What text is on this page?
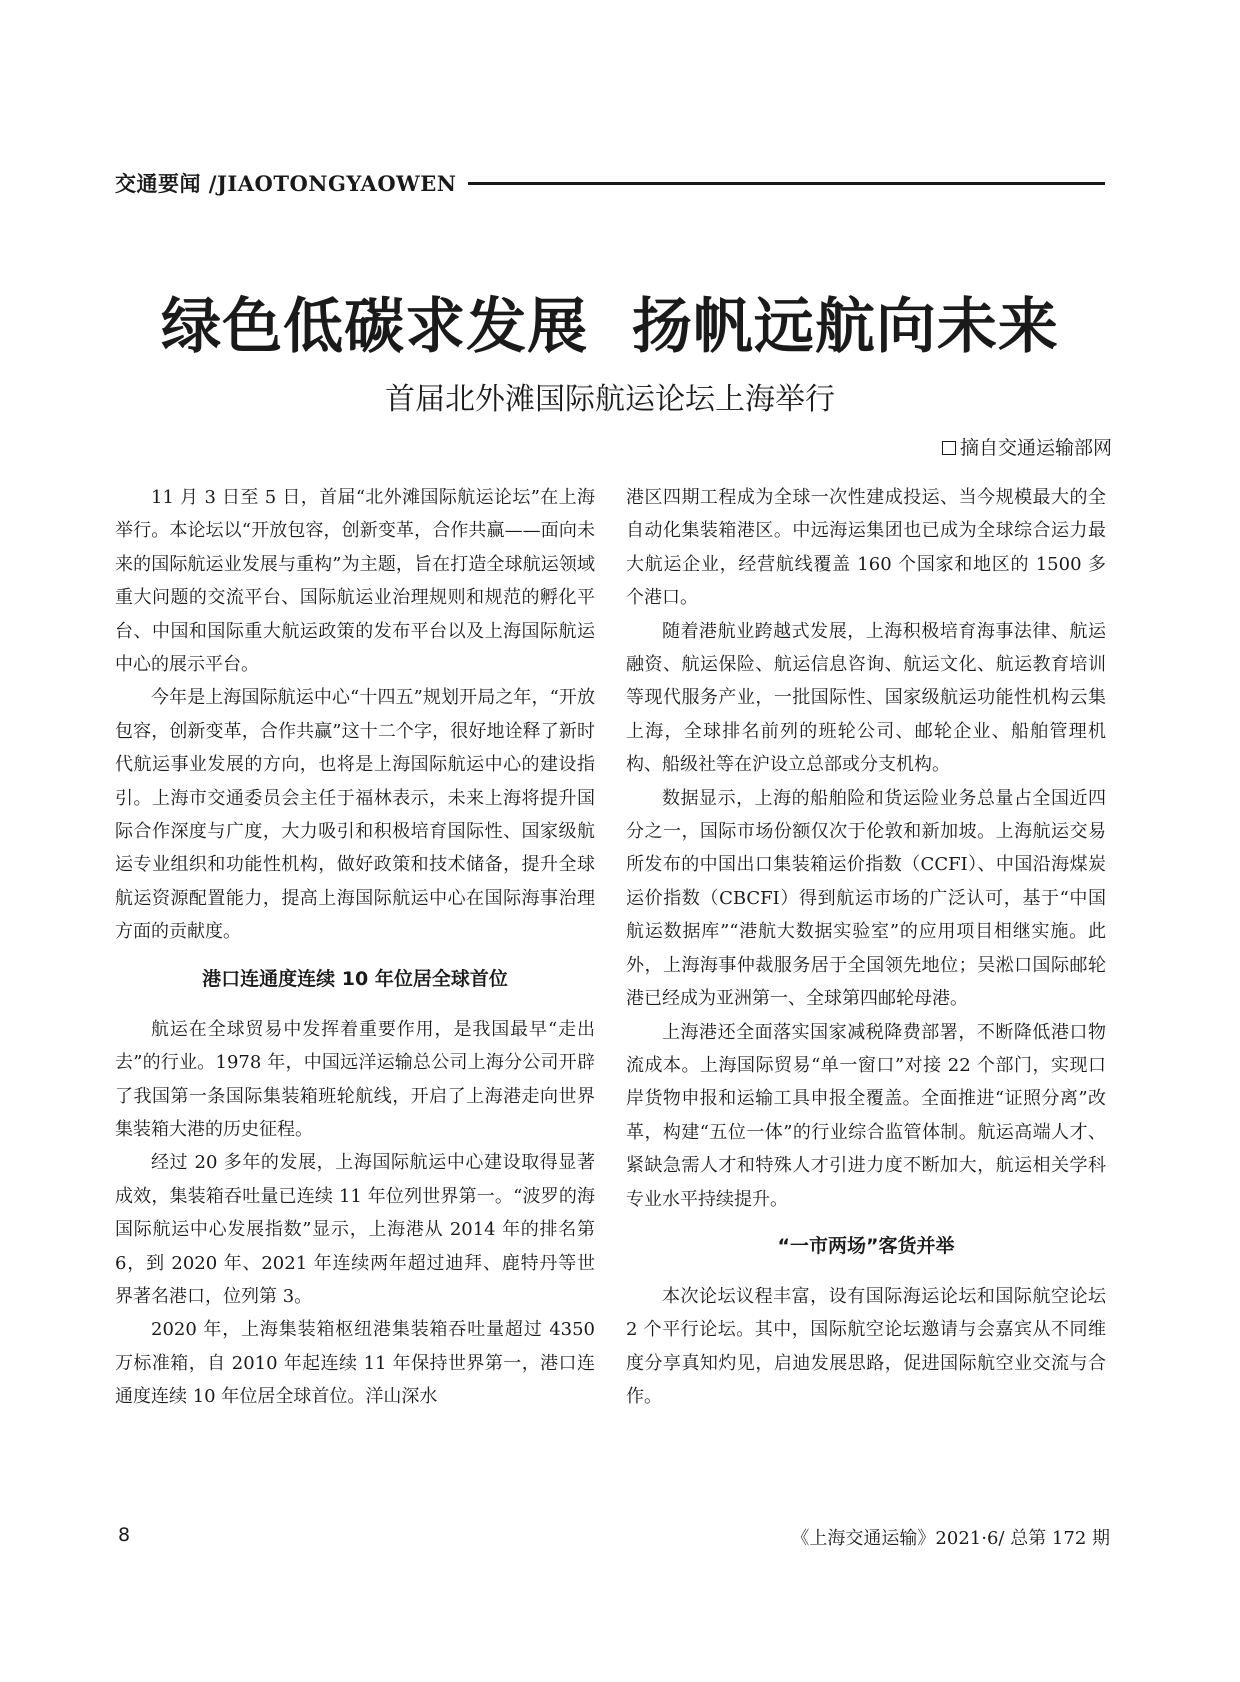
交通要闻 /JIAOTONGYAOWEN
绿色低碳求发展  扬帆远航向未来
首届北外滩国际航运论坛上海举行
摘自交通运输部网

11 月 3 日至 5 日，首届“北外滩国际航运论坛”在上海举行。本论坛以“开放包容，创新变革，合作共赢——面向未来的国际航运业发展与重构”为主题，旨在打造全球航运领域重大问题的交流平台、国际航运业治理规则和规范的孵化平台、中国和国际重大航运政策的发布平台以及上海国际航运中心的展示平台。

今年是上海国际航运中心“十四五”规划开局之年，“开放包容，创新变革，合作共赢”这十二个字，很好地诠释了新时代航运事业发展的方向，也将是上海国际航运中心的建设指引。上海市交通委员会主任于福林表示，未来上海将提升国际合作深度与广度，大力吸引和积极培育国际性、国家级航运专业组织和功能性机构，做好政策和技术储备，提升全球航运资源配置能力，提高上海国际航运中心在国际海事治理方面的贡献度。

港口连通度连续 10 年位居全球首位

航运在全球贸易中发挥着重要作用，是我国最早“走出去”的行业。1978 年，中国远洋运输总公司上海分公司开辟了我国第一条国际集装箱班轮航线，开启了上海港走向世界集装箱大港的历史征程。

经过 20 多年的发展，上海国际航运中心建设取得显著成效，集装箱吞吐量已连续 11 年位列世界第一。“波罗的海国际航运中心发展指数”显示，上海港从 2014 年的排名第 6，到 2020 年、2021 年连续两年超过迪拜、鹿特丹等世界著名港口，位列第 3。

2020 年，上海集装箱枢纽港集装箱吞吐量超过 4350 万标准箱，自 2010 年起连续 11 年保持世界第一，港口连通度连续 10 年位居全球首位。洋山深水

港区四期工程成为全球一次性建成投运、当今规模最大的全自动化集装箱港区。中远海运集团也已成为全球综合运力最大航运企业，经营航线覆盖 160 个国家和地区的 1500 多个港口。

随着港航业跨越式发展，上海积极培育海事法律、航运融资、航运保险、航运信息咨询、航运文化、航运教育培训等现代服务产业，一批国际性、国家级航运功能性机构云集上海，全球排名前列的班轮公司、邮轮企业、船舶管理机构、船级社等在沪设立总部或分支机构。

数据显示，上海的船舶险和货运险业务总量占全国近四分之一，国际市场份额仅次于伦敦和新加坡。上海航运交易所发布的中国出口集装箱运价指数（CCFI）、中国沿海煤炭运价指数（CBCFI）得到航运市场的广泛认可，基于“中国航运数据库”“港航大数据实验室”的应用项目相继实施。此外，上海海事仲裁服务居于全国领先地位；吴淞口国际邮轮港已经成为亚洲第一、全球第四邮轮母港。

上海港还全面落实国家减税降费部署，不断降低港口物流成本。上海国际贸易“单一窗口”对接 22 个部门，实现口岸货物申报和运输工具申报全覆盖。全面推进“证照分离”改革，构建“五位一体”的行业综合监管体制。航运高端人才、紧缺急需人才和特殊人才引进力度不断加大，航运相关学科专业水平持续提升。

“一市两场”客货并举

本次论坛议程丰富，设有国际海运论坛和国际航空论坛 2 个平行论坛。其中，国际航空论坛邀请与会嘉宾从不同维度分享真知灼见，启迪发展思路，促进国际航空业交流与合作。

8	《上海交通运输》2021·6/ 总第 172 期
